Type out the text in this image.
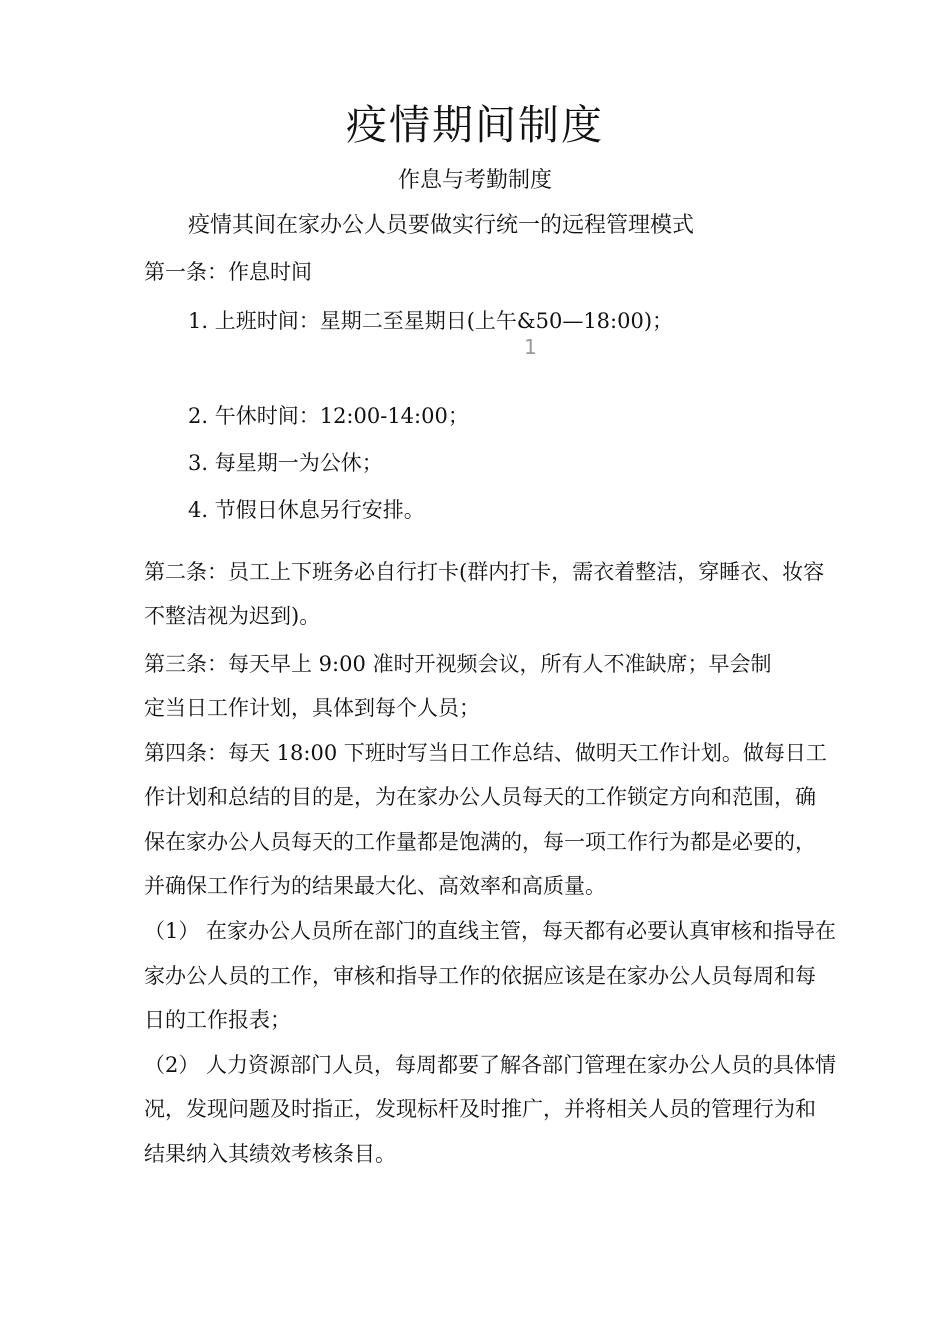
疫情期间制度
作息与考勤制度
疫情其间在家办公人员要做实行统一的远程管理模式
第一条：作息时间
1. 上班时间：星期二至星期日(上午&50—18:00)；
1
2. 午休时间：12:00-14:00；
3. 每星期一为公休；
4. 节假日休息另行安排。
第二条：员工上下班务必自行打卡(群内打卡，需衣着整洁，穿睡衣、妆容
不整洁视为迟到)。
第三条：每天早上 9:00 准时开视频会议，所有人不准缺席；早会制
定当日工作计划，具体到每个人员；
第四条：每天 18:00 下班时写当日工作总结、做明天工作计划。做每日工
作计划和总结的目的是，为在家办公人员每天的工作锁定方向和范围，确
保在家办公人员每天的工作量都是饱满的，每一项工作行为都是必要的，
并确保工作行为的结果最大化、高效率和高质量。
（1） 在家办公人员所在部门的直线主管，每天都有必要认真审核和指导在
家办公人员的工作，审核和指导工作的依据应该是在家办公人员每周和每
日的工作报表；
（2） 人力资源部门人员，每周都要了解各部门管理在家办公人员的具体情
况，发现问题及时指正，发现标杆及时推广，并将相关人员的管理行为和
结果纳入其绩效考核条目。
